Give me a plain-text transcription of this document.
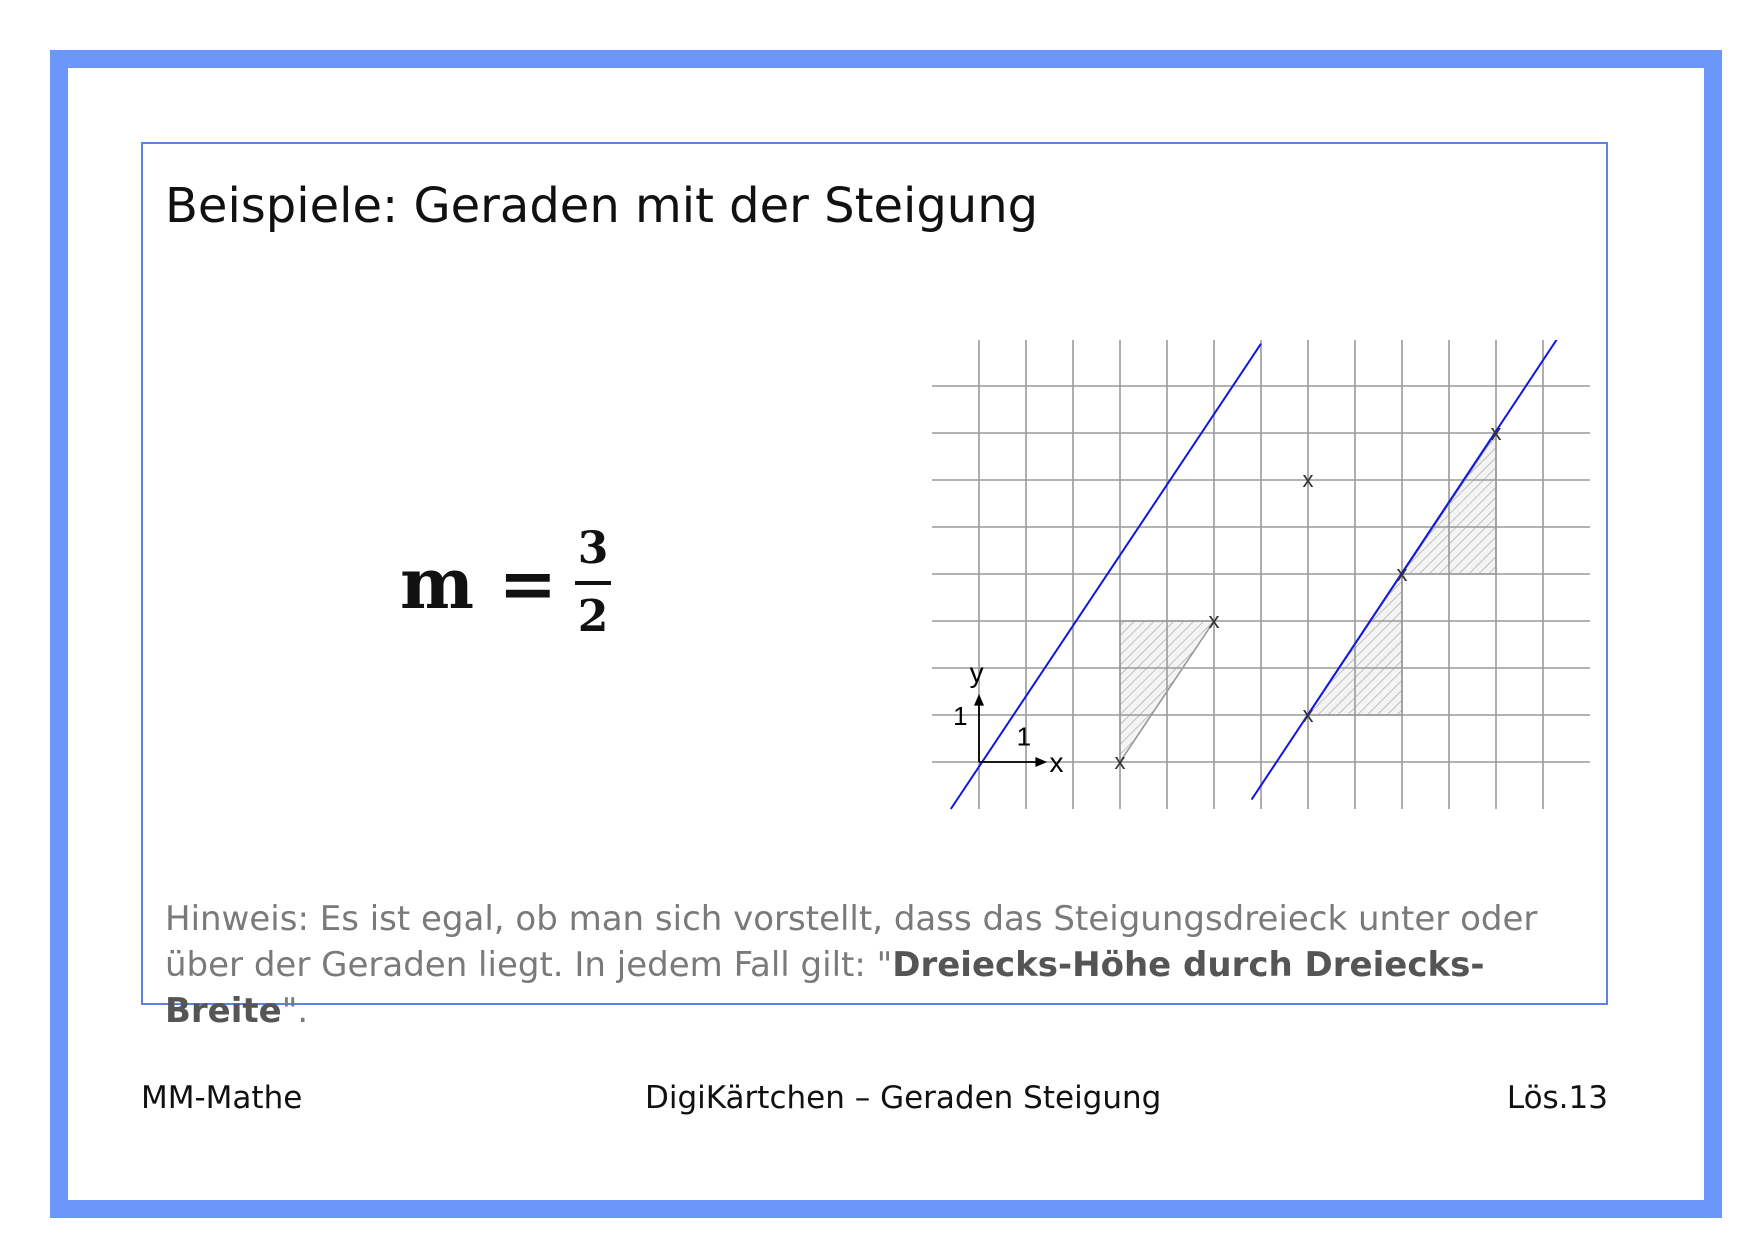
Beispiele: Geraden mit der Steigung
$m = \frac{3}{2}$
y
x
1
1
x
x
x
x
x
x
Hinweis: Es ist egal, ob man sich vorstellt, dass das Steigungsdreieck unter oder über der Geraden liegt. In jedem Fall gilt: "Dreiecks-Höhe durch Dreiecks-Breite".
MM-Mathe	DigiKärtchen – Geraden Steigung	Lös.13
